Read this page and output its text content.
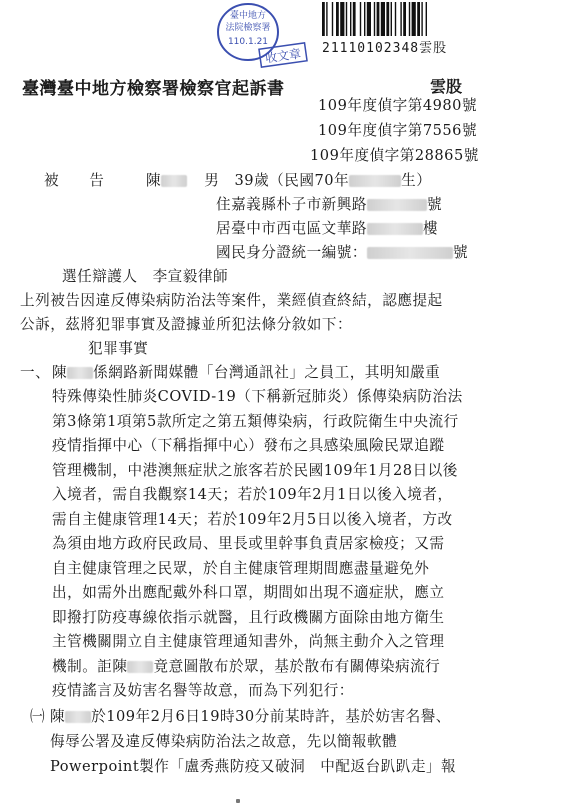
臺中地方
法院檢察署
110.1.21
收文章 21110102348雲股
臺灣臺中地方檢察署檢察官起訴書	雲股
109年度偵字第4980號
109年度偵字第7556號
109年度偵字第28865號
被　　告	陳	男 39歲（民國70年	生）
住嘉義縣朴子市新興路	號
居臺中市西屯區文華路	樓
國民身分證統一編號：	號
選任辯護人　李宣毅律師
上列被告因違反傳染病防治法等案件，業經偵查終結，認應提起
公訴，茲將犯罪事實及證據並所犯法條分敘如下：
犯罪事實
一、 陳 係網路新聞媒體「台灣通訊社」之員工，其明知嚴重
特殊傳染性肺炎COVID-19（下稱新冠肺炎）係傳染病防治法
第3條第1項第5款所定之第五類傳染病，行政院衛生中央流行
疫情指揮中心（下稱指揮中心）發布之具感染風險民眾追蹤
管理機制，中港澳無症狀之旅客若於民國109年1月28日以後
入境者，需自我觀察14天；若於109年2月1日以後入境者，
需自主健康管理14天；若於109年2月5日以後入境者，方改
為須由地方政府民政局、里長或里幹事負責居家檢疫；又需
自主健康管理之民眾，於自主健康管理期間應盡量避免外
出，如需外出應配戴外科口罩，期間如出現不適症狀，應立
即撥打防疫專線依指示就醫，且行政機關方面除由地方衛生
主管機關開立自主健康管理通知書外，尚無主動介入之管理
機制。詎陳 竟意圖散布於眾，基於散布有關傳染病流行
疫情謠言及妨害名譽等故意，而為下列犯行：
㈠ 陳 於109年2月6日19時30分前某時許，基於妨害名譽、
侮辱公署及違反傳染病防治法之故意，先以簡報軟體
Powerpoint製作「盧秀燕防疫又破洞　中配返台趴趴走」報
